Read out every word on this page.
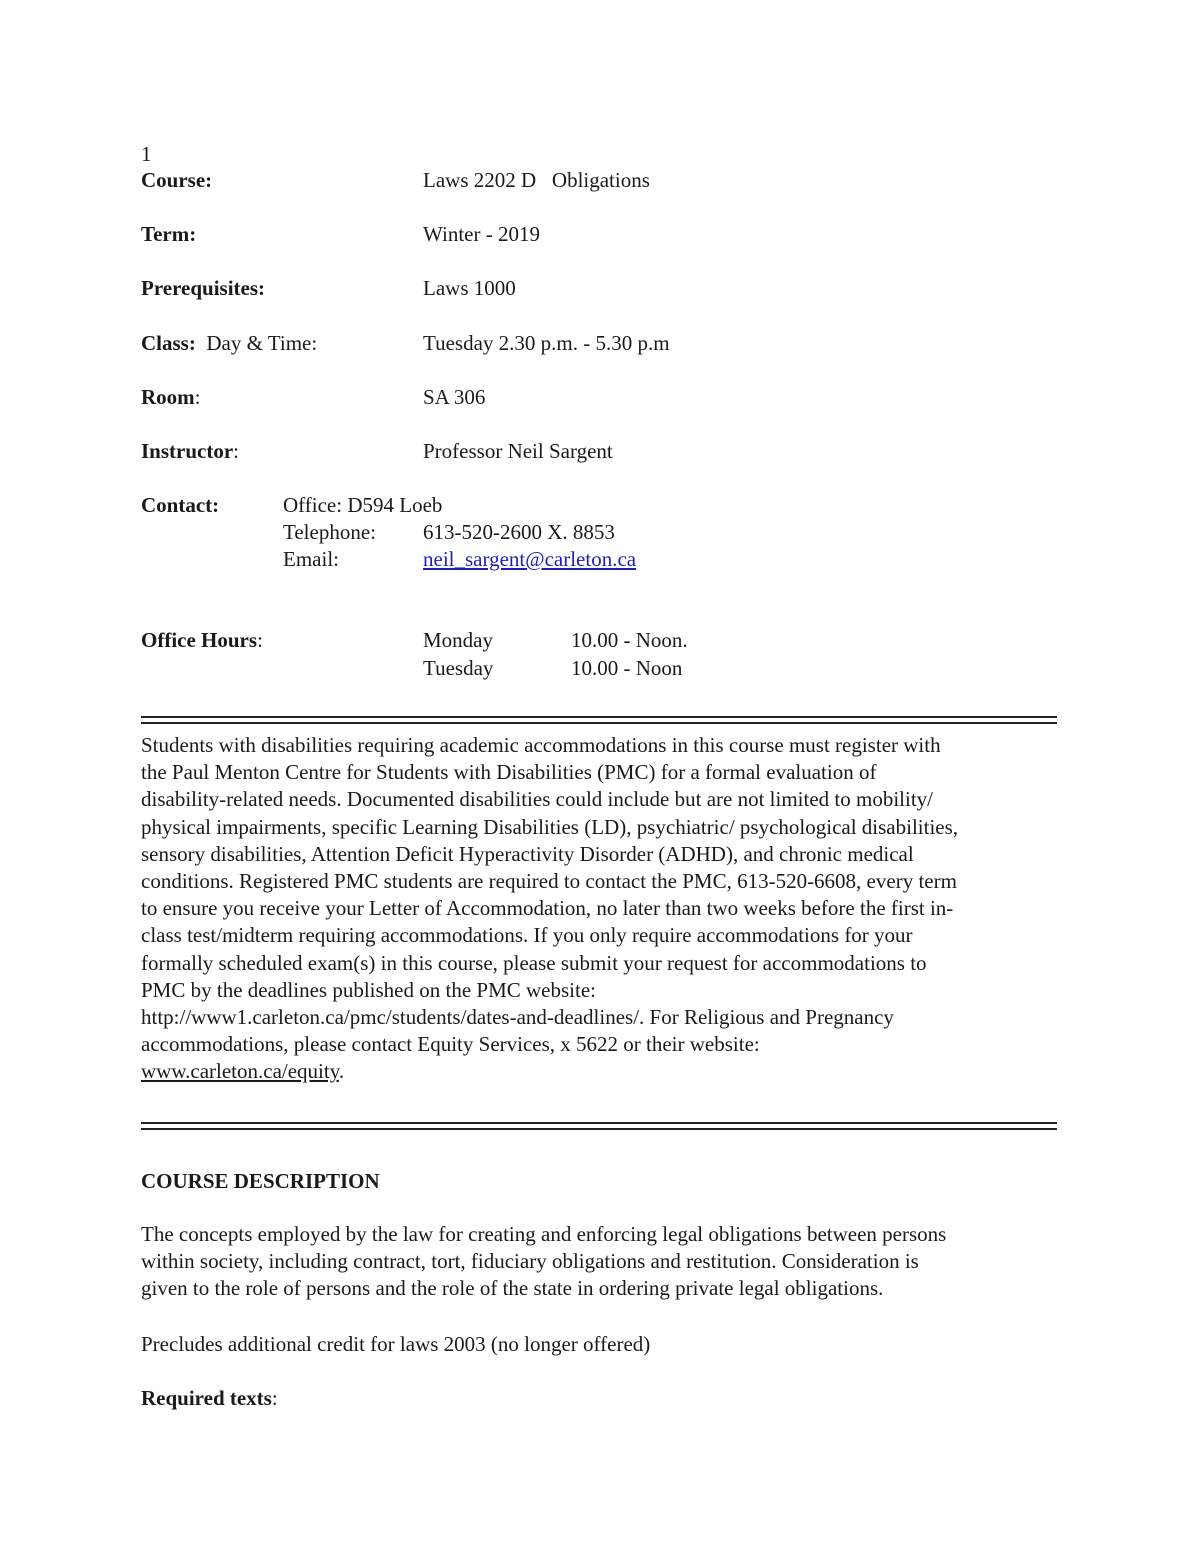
1
Course:	Laws 2202 D   Obligations
Term:	Winter - 2019
Prerequisites:	Laws 1000
Class:  Day & Time:	Tuesday 2.30 p.m. - 5.30 p.m
Room:	SA 306
Instructor:	Professor Neil Sargent
Contact:	Office: D594 Loeb
Telephone: 613-520-2600 X. 8853
Email:	neil_sargent@carleton.ca
Office Hours:	Monday	10.00 - Noon.
Tuesday	10.00 - Noon
Students with disabilities requiring academic accommodations in this course must register with
the Paul Menton Centre for Students with Disabilities (PMC) for a formal evaluation of
disability-related needs. Documented disabilities could include but are not limited to mobility/
physical impairments, specific Learning Disabilities (LD), psychiatric/ psychological disabilities,
sensory disabilities, Attention Deficit Hyperactivity Disorder (ADHD), and chronic medical
conditions. Registered PMC students are required to contact the PMC, 613-520-6608, every term
to ensure you receive your Letter of Accommodation, no later than two weeks before the first in-
class test/midterm requiring accommodations. If you only require accommodations for your
formally scheduled exam(s) in this course, please submit your request for accommodations to
PMC by the deadlines published on the PMC website:
http://www1.carleton.ca/pmc/students/dates-and-deadlines/. For Religious and Pregnancy
accommodations, please contact Equity Services, x 5622 or their website:
www.carleton.ca/equity.
COURSE DESCRIPTION
The concepts employed by the law for creating and enforcing legal obligations between persons
within society, including contract, tort, fiduciary obligations and restitution. Consideration is
given to the role of persons and the role of the state in ordering private legal obligations.
Precludes additional credit for laws 2003 (no longer offered)
Required texts:
